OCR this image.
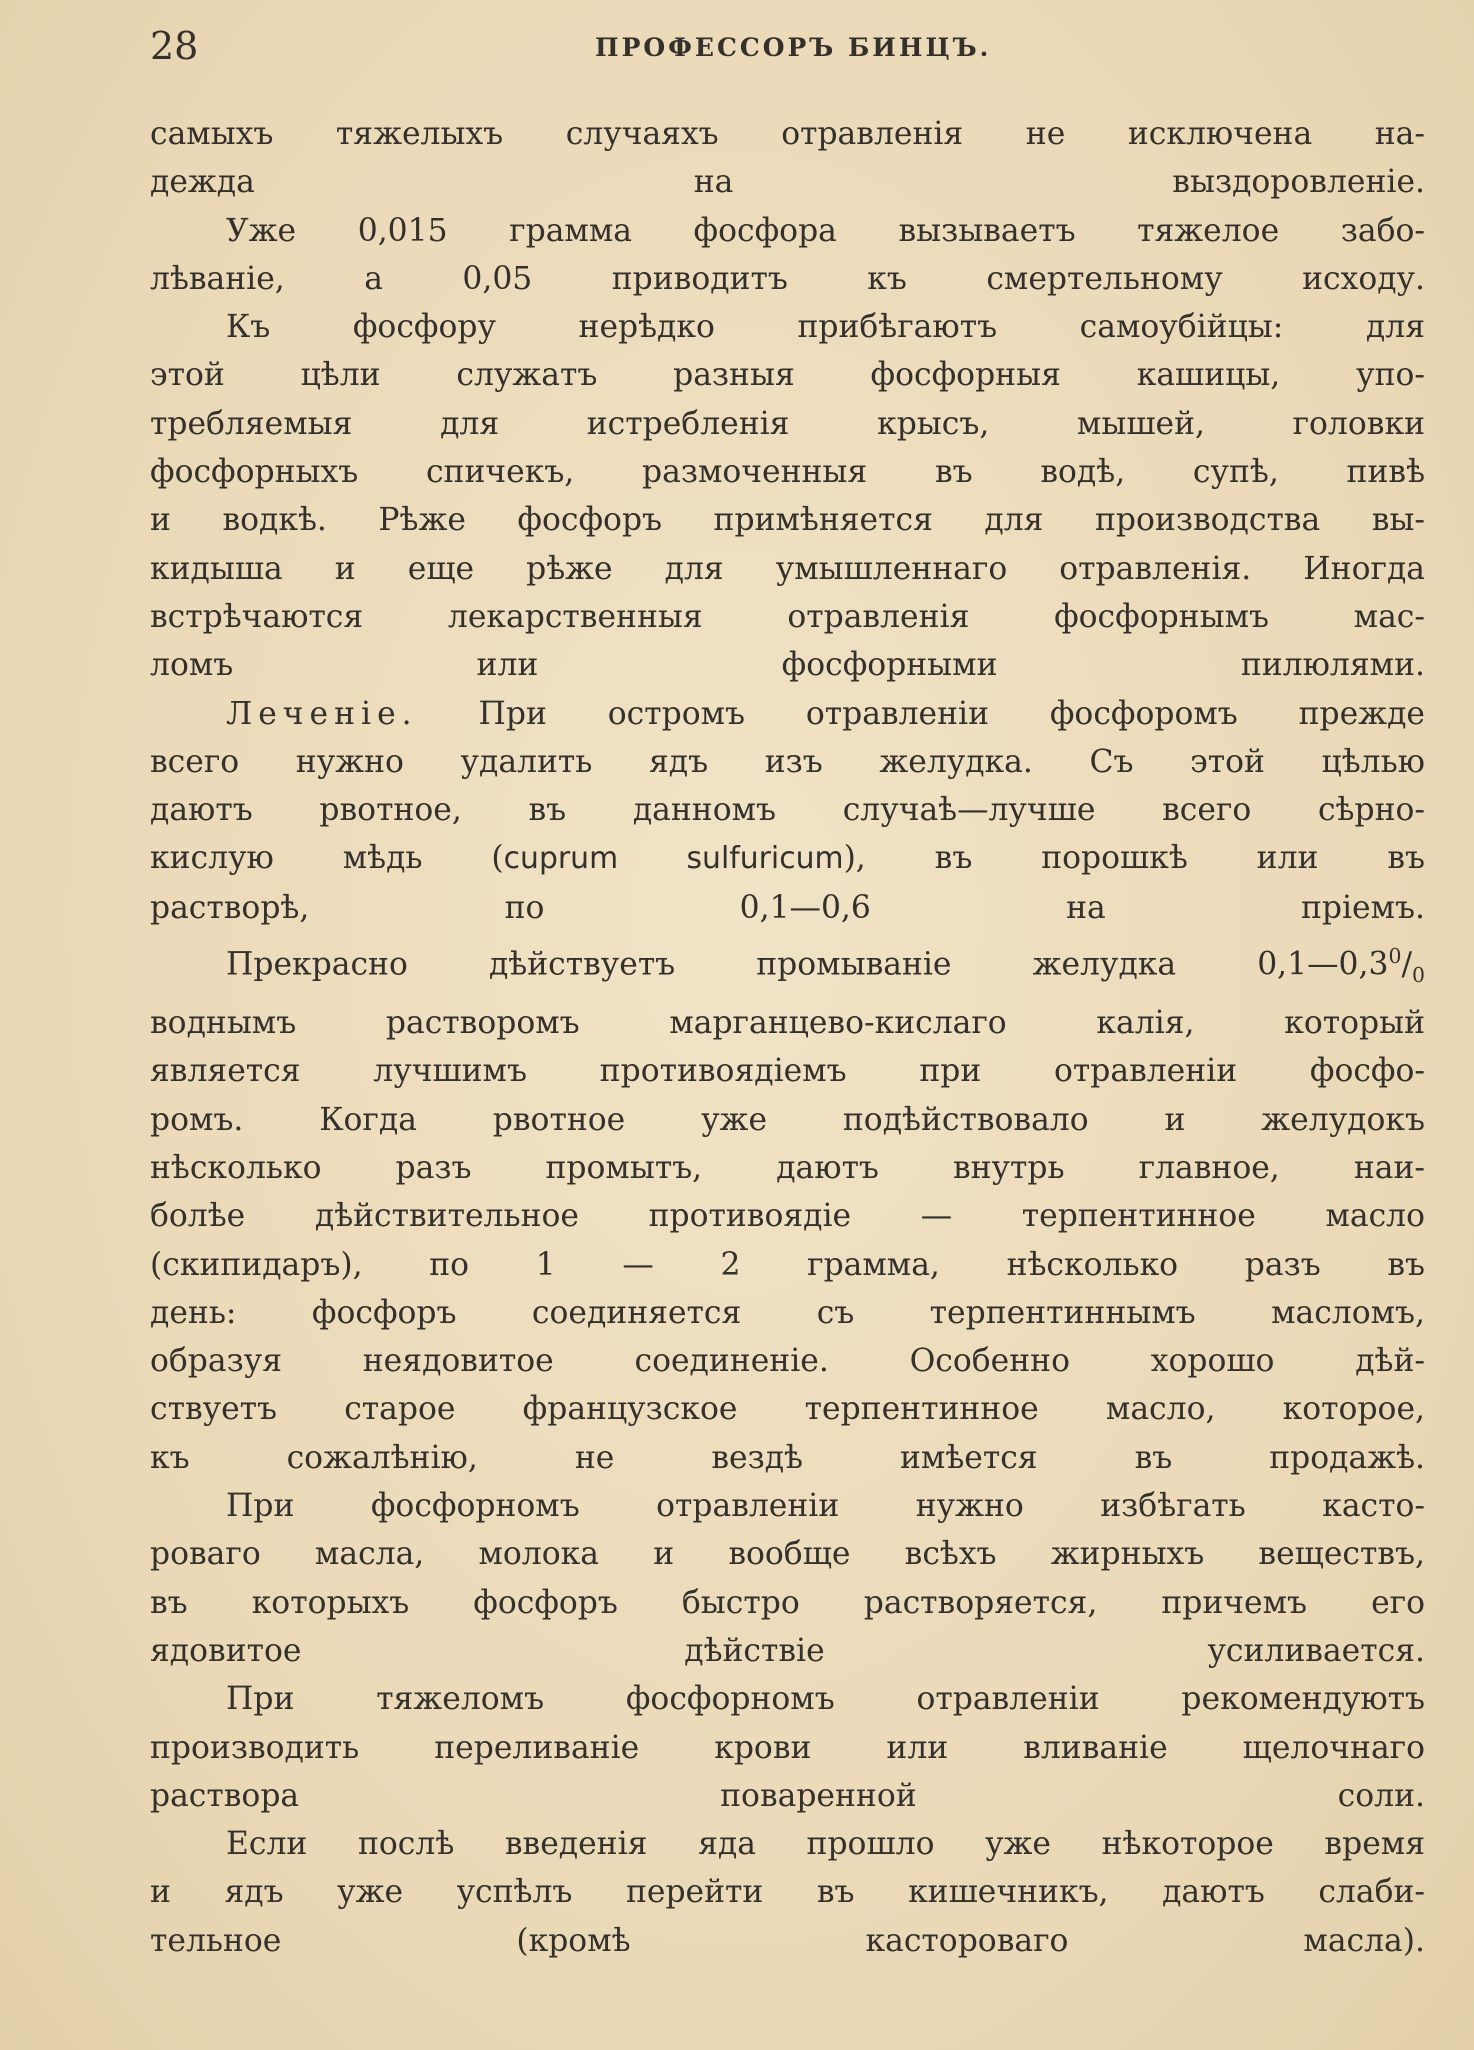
28	ПРОФЕССОРЪ БИНЦЪ.

самыхъ тяжелыхъ случаяхъ отравленія не исключена на-
дежда на выздоровленіе.

Уже 0,015 грамма фосфора вызываетъ тяжелое забо-
лѣваніе, а 0,05 приводитъ къ смертельному исходу.

Къ фосфору нерѣдко прибѣгаютъ самоубійцы: для
этой цѣли служатъ разныя фосфорныя кашицы, упо-
требляемыя для истребленія крысъ, мышей, головки
фосфорныхъ спичекъ, размоченныя въ водѣ, супѣ, пивѣ
и водкѣ. Рѣже фосфоръ примѣняется для производства вы-
кидыша и еще рѣже для умышленнаго отравленія. Иногда
встрѣчаются лекарственныя отравленія фосфорнымъ мас-
ломъ или фосфорными пилюлями.

Леченіе. При остромъ отравленіи фосфоромъ прежде
всего нужно удалить ядъ изъ желудка. Съ этой цѣлью
даютъ рвотное, въ данномъ случаѣ—лучше всего сѣрно-
кислую мѣдь (cuprum sulfuricum), въ порошкѣ или въ
растворѣ, по 0,1—0,6 на пріемъ.

Прекрасно дѣйствуетъ промываніе желудка $0,1—0,3^0/_0$
воднымъ растворомъ марганцево-кислаго калія, который
является лучшимъ противоядіемъ при отравленіи фосфо-
ромъ. Когда рвотное уже подѣйствовало и желудокъ
нѣсколько разъ промытъ, даютъ внутрь главное, наи-
болѣе дѣйствительное противоядіе — терпентинное масло
(скипидаръ), по 1 — 2 грамма, нѣсколько разъ въ
день: фосфоръ соединяется съ терпентиннымъ масломъ,
образуя неядовитое соединеніе. Особенно хорошо дѣй-
ствуетъ старое французское терпентинное масло, которое,
къ сожалѣнію, не вездѣ имѣется въ продажѣ.

При фосфорномъ отравленіи нужно избѣгать касто-
роваго масла, молока и вообще всѣхъ жирныхъ веществъ,
въ которыхъ фосфоръ быстро растворяется, причемъ его
ядовитое дѣйствіе усиливается.

При тяжеломъ фосфорномъ отравленіи рекомендуютъ
производить переливаніе крови или вливаніе щелочнаго
раствора поваренной соли.

Если послѣ введенія яда прошло уже нѣкоторое время
и ядъ уже успѣлъ перейти въ кишечникъ, даютъ слаби-
тельное (кромѣ кастороваго масла).
